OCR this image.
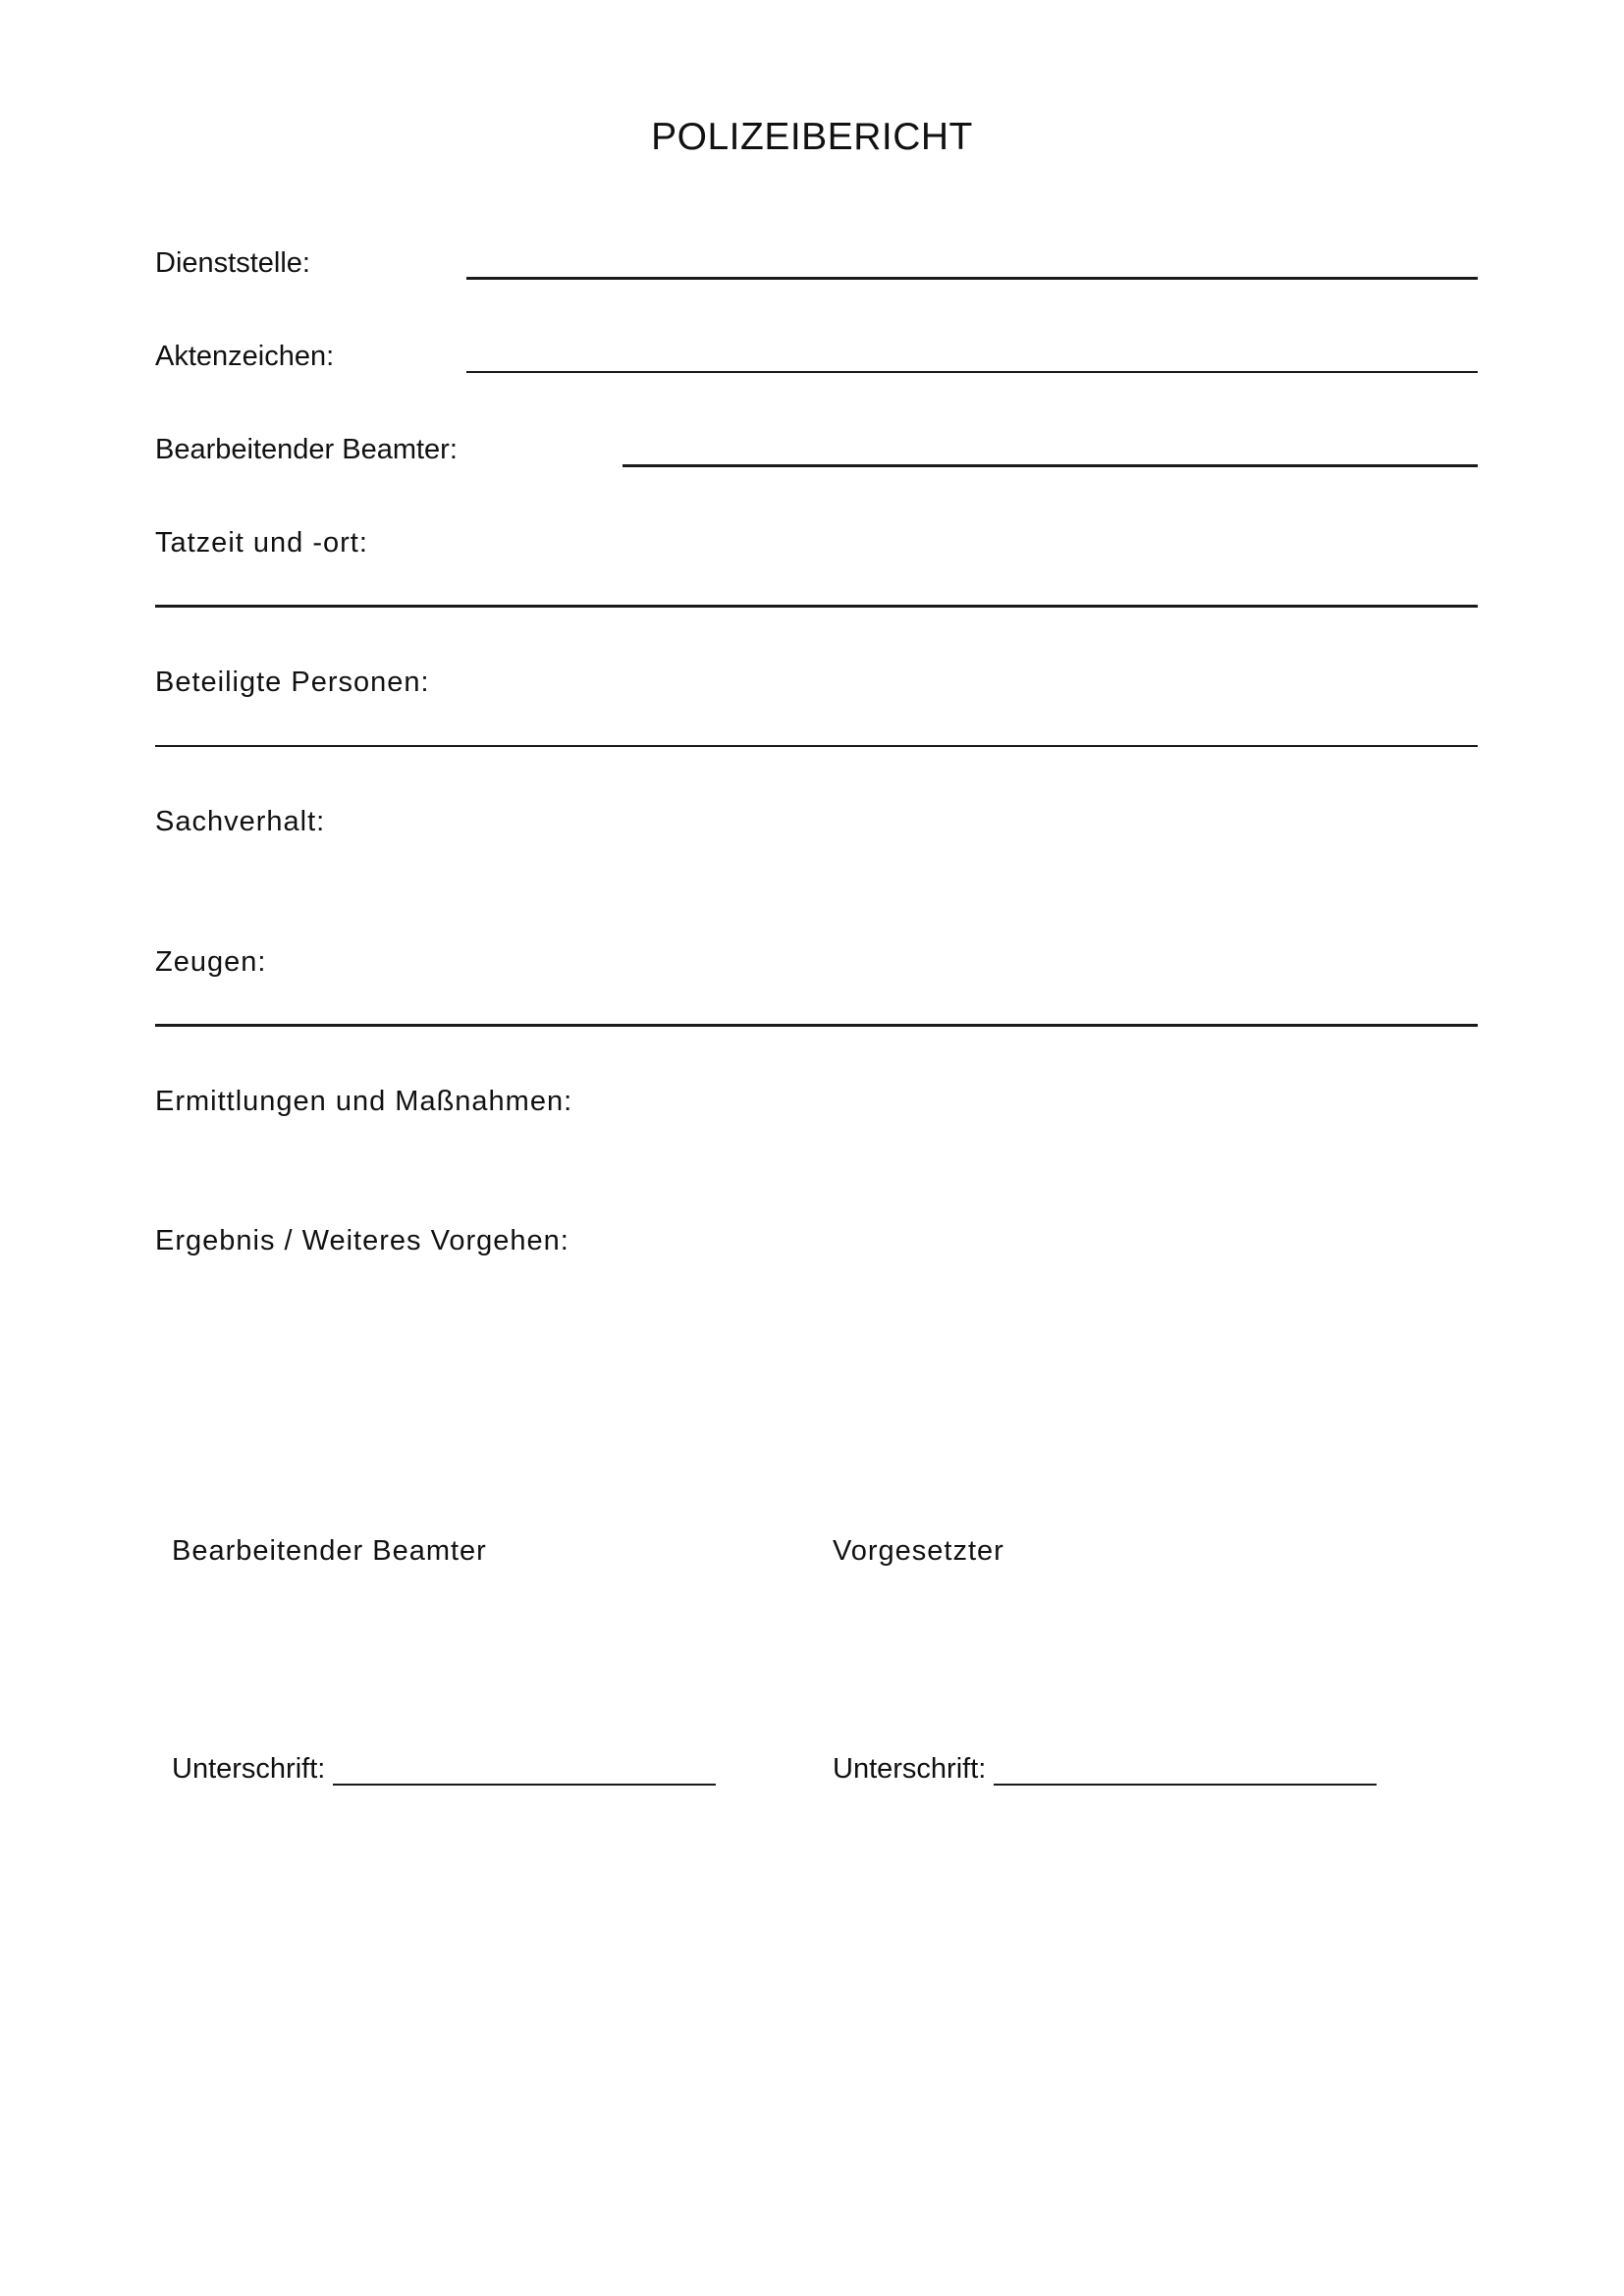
POLIZEIBERICHT
Dienststelle:
Aktenzeichen:
Bearbeitender Beamter:
Tatzeit und -ort:
Beteiligte Personen:
Sachverhalt:
Zeugen:
Ermittlungen und Maßnahmen:
Ergebnis / Weiteres Vorgehen:
Bearbeitender Beamter	Vorgesetzter
Unterschrift:	Unterschrift:
